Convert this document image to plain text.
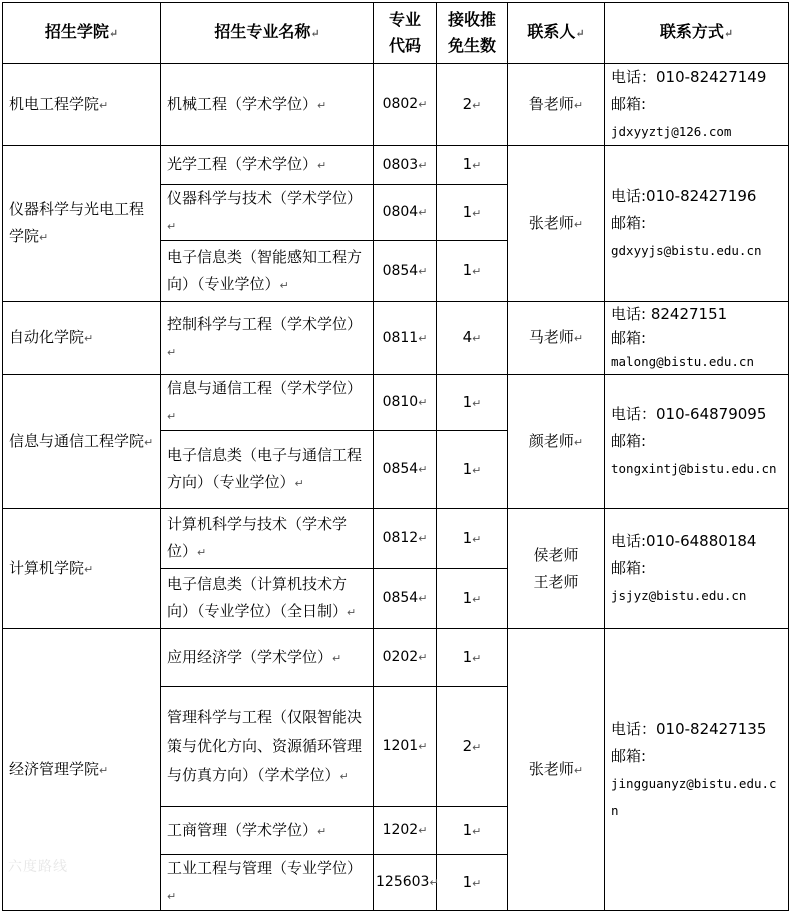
招生学院↵	招生专业名称↵	专业代码	接收推免生数	联系人↵	联系方式↵
机电工程学院↵	机械工程（学术学位）↵	0802↵	2↵	鲁老师↵	电话：010-82427149
邮箱:
jdxyyztj@126.com

仪器科学与光电工程学院↵	光学工程（学术学位）↵	0803↵	1↵	张老师↵	电话:010-82427196
邮箱:
gdxyyjs@bistu.edu.cn

	仪器科学与技术（学术学位）↵	0804↵	1↵		
	电子信息类（智能感知工程方向）（专业学位）↵	0854↵	1↵		
自动化学院↵	控制科学与工程（学术学位）↵	0811↵	4↵	马老师↵	电话: 82427151
邮箱:
malong@bistu.edu.cn

信息与通信工程学院↵	信息与通信工程（学术学位）↵	0810↵	1↵	颜老师↵	电话：010-64879095
邮箱:
tongxintj@bistu.edu.cn

	电子信息类（电子与通信工程方向）（专业学位）↵	0854↵	1↵		
计算机学院↵	计算机科学与技术（学术学位）↵	0812↵	1↵	侯老师
王老师	电话:010-64880184
邮箱:
jsjyz@bistu.edu.cn

	电子信息类（计算机技术方向）（专业学位）（全日制）↵	0854↵	1↵		
经济管理学院↵	应用经济学（学术学位）↵	0202↵	1↵	张老师↵	电话：010-82427135
邮箱:
jingguanyz@bistu.edu.cn

	管理科学与工程（仅限智能决策与优化方向、资源循环管理与仿真方向）（学术学位）↵	1201↵	2↵		
	工商管理（学术学位）↵	1202↵	1↵		
	工业工程与管理（专业学位）↵	125603↵	1↵		
六度路线
